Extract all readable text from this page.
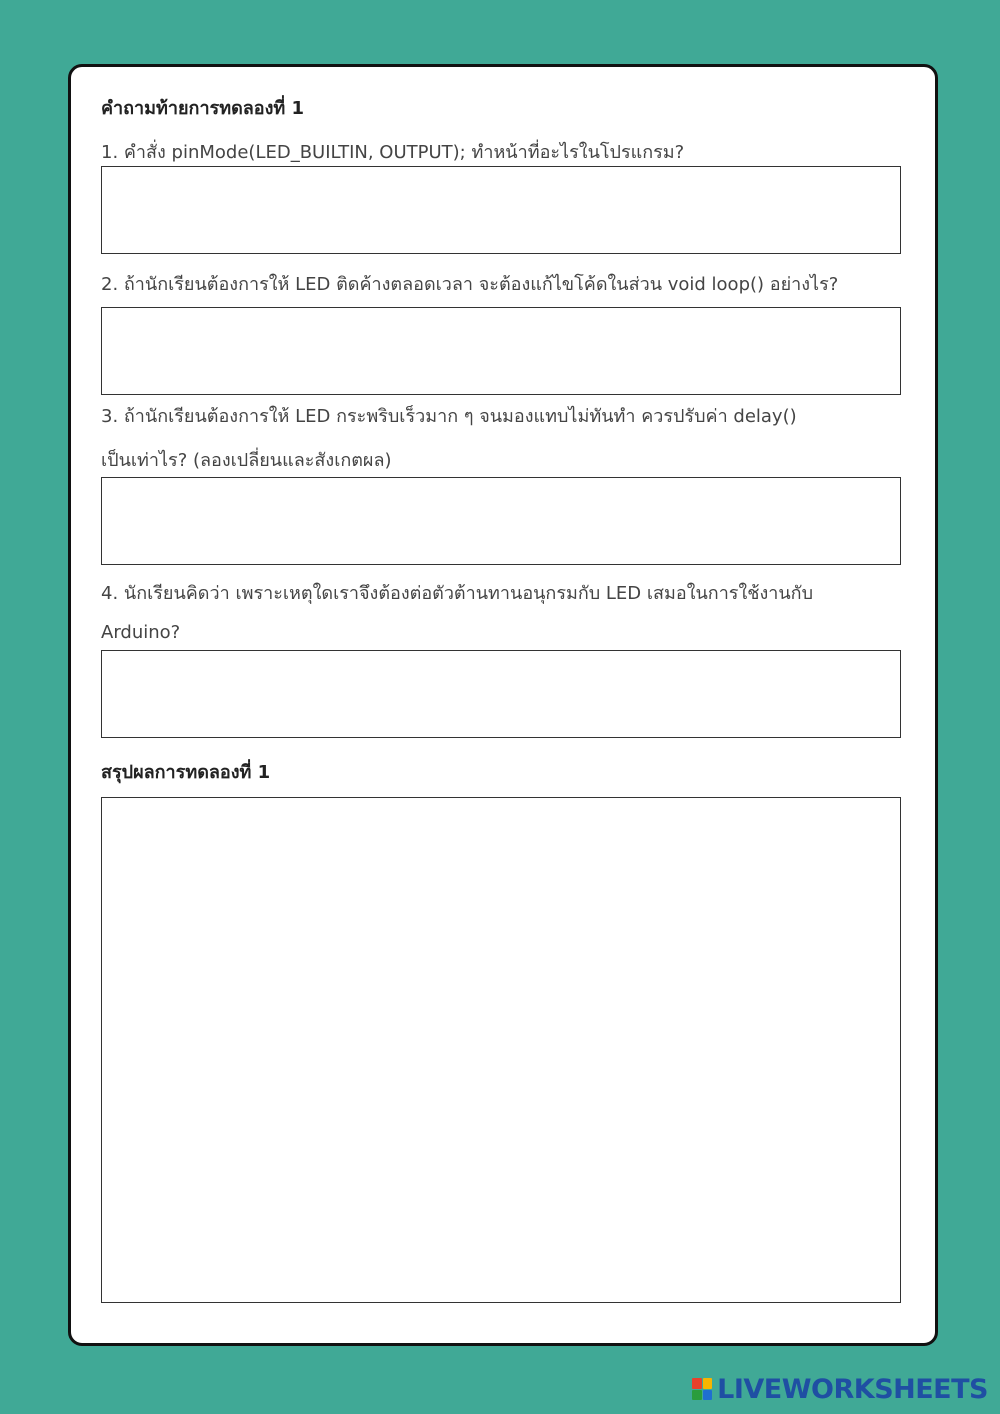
คำถามท้ายการทดลองที่ 1
1. คำสั่ง pinMode(LED_BUILTIN, OUTPUT); ทำหน้าที่อะไรในโปรแกรม?
2. ถ้านักเรียนต้องการให้ LED ติดค้างตลอดเวลา จะต้องแก้ไขโค้ดในส่วน void loop() อย่างไร?
3. ถ้านักเรียนต้องการให้ LED กระพริบเร็วมาก ๆ จนมองแทบไม่ทันทำ ควรปรับค่า delay()
เป็นเท่าไร? (ลองเปลี่ยนและสังเกตผล)
4. นักเรียนคิดว่า เพราะเหตุใดเราจึงต้องต่อตัวต้านทานอนุกรมกับ LED เสมอในการใช้งานกับ
Arduino?
สรุปผลการทดลองที่ 1
LIVEWORKSHEETS
